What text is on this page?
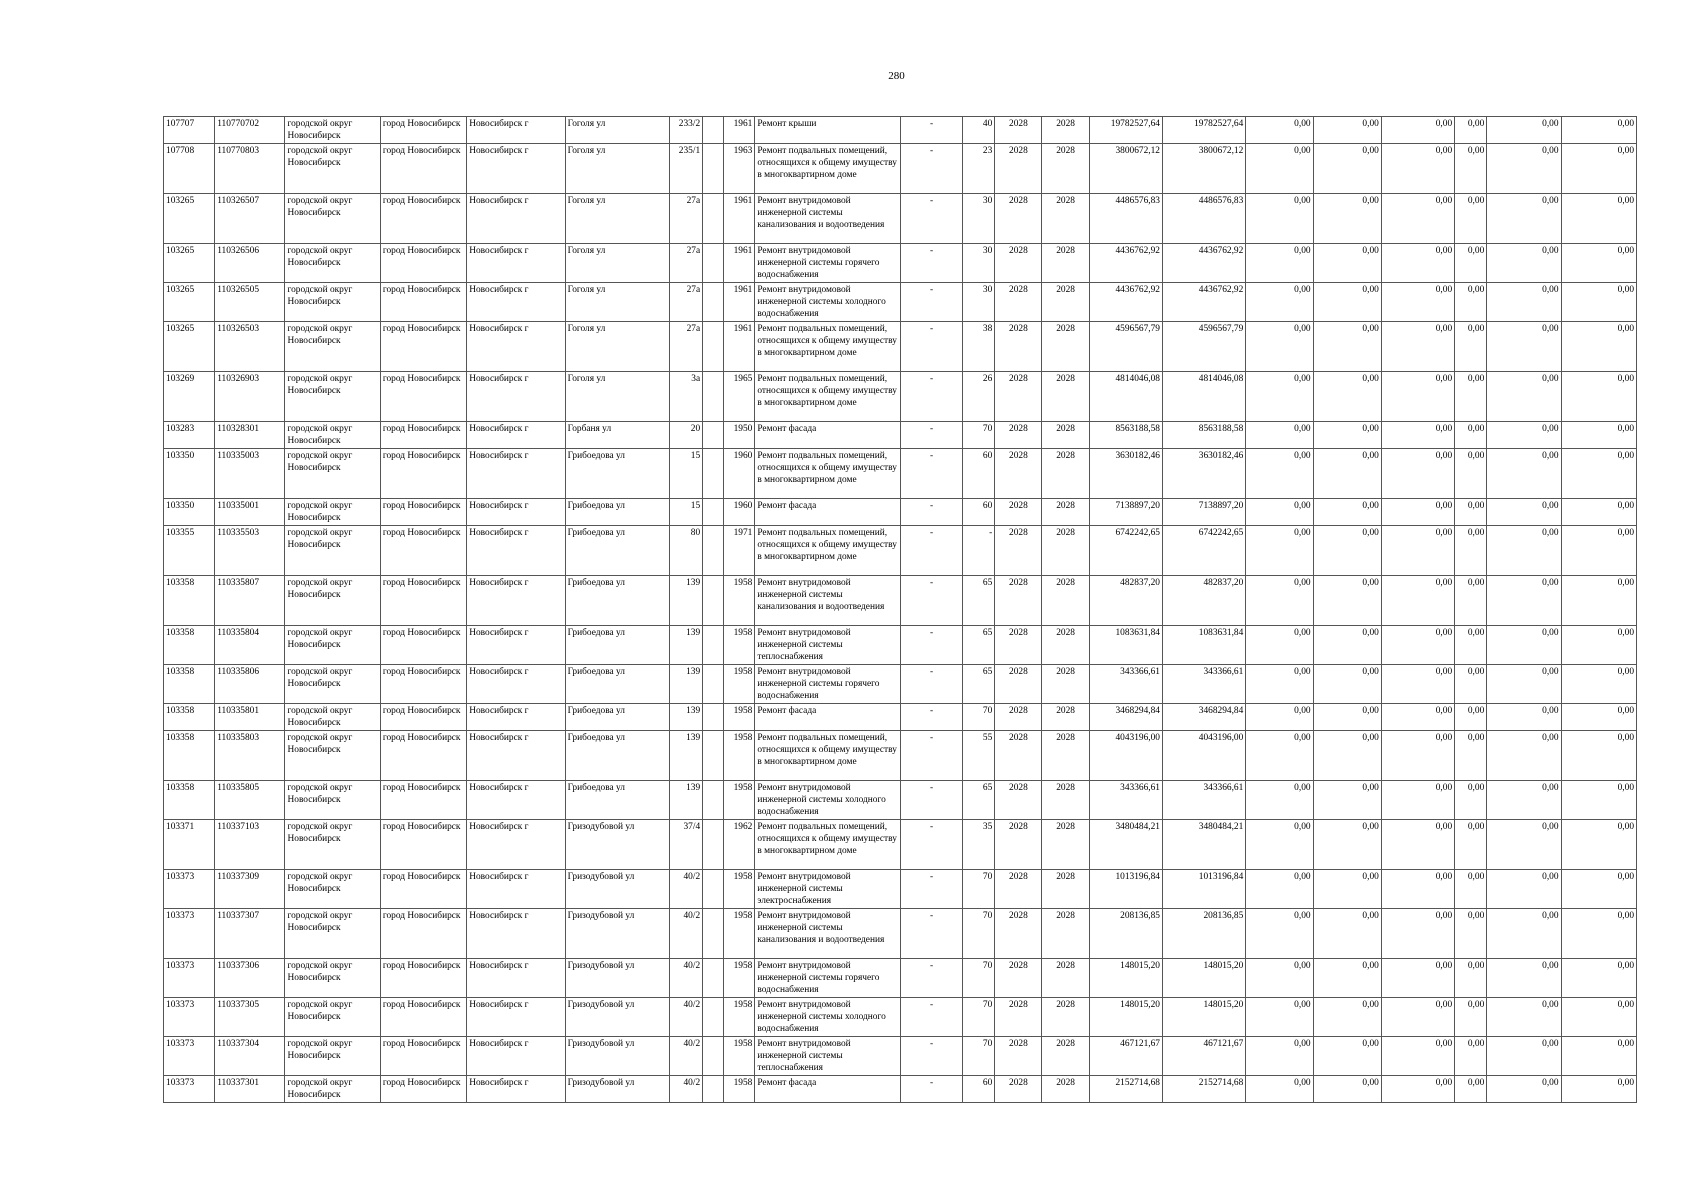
280
107707	110770702	городской округ Новосибирск	город Новосибирск	Новосибирск г	Гоголя ул	233/2		1961	Ремонт крыши	-	40	2028	2028	19782527,64	19782527,64	0,00	0,00	0,00	0,00	0,00	0,00
107708	110770803	городской округ Новосибирск	город Новосибирск	Новосибирск г	Гоголя ул	235/1		1963	Ремонт подвальных помещений, относящихся к общему имуществу в многоквартирном доме	-	23	2028	2028	3800672,12	3800672,12	0,00	0,00	0,00	0,00	0,00	0,00
103265	110326507	городской округ Новосибирск	город Новосибирск	Новосибирск г	Гоголя ул	27а		1961	Ремонт внутридомовой инженерной системы канализования и водоотведения	-	30	2028	2028	4486576,83	4486576,83	0,00	0,00	0,00	0,00	0,00	0,00
103265	110326506	городской округ Новосибирск	город Новосибирск	Новосибирск г	Гоголя ул	27а		1961	Ремонт внутридомовой инженерной системы горячего водоснабжения	-	30	2028	2028	4436762,92	4436762,92	0,00	0,00	0,00	0,00	0,00	0,00
103265	110326505	городской округ Новосибирск	город Новосибирск	Новосибирск г	Гоголя ул	27а		1961	Ремонт внутридомовой инженерной системы холодного водоснабжения	-	30	2028	2028	4436762,92	4436762,92	0,00	0,00	0,00	0,00	0,00	0,00
103265	110326503	городской округ Новосибирск	город Новосибирск	Новосибирск г	Гоголя ул	27а		1961	Ремонт подвальных помещений, относящихся к общему имуществу в многоквартирном доме	-	38	2028	2028	4596567,79	4596567,79	0,00	0,00	0,00	0,00	0,00	0,00
103269	110326903	городской округ Новосибирск	город Новосибирск	Новосибирск г	Гоголя ул	3а		1965	Ремонт подвальных помещений, относящихся к общему имуществу в многоквартирном доме	-	26	2028	2028	4814046,08	4814046,08	0,00	0,00	0,00	0,00	0,00	0,00
103283	110328301	городской округ Новосибирск	город Новосибирск	Новосибирск г	Горбаня ул	20		1950	Ремонт фасада	-	70	2028	2028	8563188,58	8563188,58	0,00	0,00	0,00	0,00	0,00	0,00
103350	110335003	городской округ Новосибирск	город Новосибирск	Новосибирск г	Грибоедова ул	15		1960	Ремонт подвальных помещений, относящихся к общему имуществу в многоквартирном доме	-	60	2028	2028	3630182,46	3630182,46	0,00	0,00	0,00	0,00	0,00	0,00
103350	110335001	городской округ Новосибирск	город Новосибирск	Новосибирск г	Грибоедова ул	15		1960	Ремонт фасада	-	60	2028	2028	7138897,20	7138897,20	0,00	0,00	0,00	0,00	0,00	0,00
103355	110335503	городской округ Новосибирск	город Новосибирск	Новосибирск г	Грибоедова ул	80		1971	Ремонт подвальных помещений, относящихся к общему имуществу в многоквартирном доме	-	-	2028	2028	6742242,65	6742242,65	0,00	0,00	0,00	0,00	0,00	0,00
103358	110335807	городской округ Новосибирск	город Новосибирск	Новосибирск г	Грибоедова ул	139		1958	Ремонт внутридомовой инженерной системы канализования и водоотведения	-	65	2028	2028	482837,20	482837,20	0,00	0,00	0,00	0,00	0,00	0,00
103358	110335804	городской округ Новосибирск	город Новосибирск	Новосибирск г	Грибоедова ул	139		1958	Ремонт внутридомовой инженерной системы теплоснабжения	-	65	2028	2028	1083631,84	1083631,84	0,00	0,00	0,00	0,00	0,00	0,00
103358	110335806	городской округ Новосибирск	город Новосибирск	Новосибирск г	Грибоедова ул	139		1958	Ремонт внутридомовой инженерной системы горячего водоснабжения	-	65	2028	2028	343366,61	343366,61	0,00	0,00	0,00	0,00	0,00	0,00
103358	110335801	городской округ Новосибирск	город Новосибирск	Новосибирск г	Грибоедова ул	139		1958	Ремонт фасада	-	70	2028	2028	3468294,84	3468294,84	0,00	0,00	0,00	0,00	0,00	0,00
103358	110335803	городской округ Новосибирск	город Новосибирск	Новосибирск г	Грибоедова ул	139		1958	Ремонт подвальных помещений, относящихся к общему имуществу в многоквартирном доме	-	55	2028	2028	4043196,00	4043196,00	0,00	0,00	0,00	0,00	0,00	0,00
103358	110335805	городской округ Новосибирск	город Новосибирск	Новосибирск г	Грибоедова ул	139		1958	Ремонт внутридомовой инженерной системы холодного водоснабжения	-	65	2028	2028	343366,61	343366,61	0,00	0,00	0,00	0,00	0,00	0,00
103371	110337103	городской округ Новосибирск	город Новосибирск	Новосибирск г	Гризодубовой ул	37/4		1962	Ремонт подвальных помещений, относящихся к общему имуществу в многоквартирном доме	-	35	2028	2028	3480484,21	3480484,21	0,00	0,00	0,00	0,00	0,00	0,00
103373	110337309	городской округ Новосибирск	город Новосибирск	Новосибирск г	Гризодубовой ул	40/2		1958	Ремонт внутридомовой инженерной системы электроснабжения	-	70	2028	2028	1013196,84	1013196,84	0,00	0,00	0,00	0,00	0,00	0,00
103373	110337307	городской округ Новосибирск	город Новосибирск	Новосибирск г	Гризодубовой ул	40/2		1958	Ремонт внутридомовой инженерной системы канализования и водоотведения	-	70	2028	2028	208136,85	208136,85	0,00	0,00	0,00	0,00	0,00	0,00
103373	110337306	городской округ Новосибирск	город Новосибирск	Новосибирск г	Гризодубовой ул	40/2		1958	Ремонт внутридомовой инженерной системы горячего водоснабжения	-	70	2028	2028	148015,20	148015,20	0,00	0,00	0,00	0,00	0,00	0,00
103373	110337305	городской округ Новосибирск	город Новосибирск	Новосибирск г	Гризодубовой ул	40/2		1958	Ремонт внутридомовой инженерной системы холодного водоснабжения	-	70	2028	2028	148015,20	148015,20	0,00	0,00	0,00	0,00	0,00	0,00
103373	110337304	городской округ Новосибирск	город Новосибирск	Новосибирск г	Гризодубовой ул	40/2		1958	Ремонт внутридомовой инженерной системы теплоснабжения	-	70	2028	2028	467121,67	467121,67	0,00	0,00	0,00	0,00	0,00	0,00
103373	110337301	городской округ Новосибирск	город Новосибирск	Новосибирск г	Гризодубовой ул	40/2		1958	Ремонт фасада	-	60	2028	2028	2152714,68	2152714,68	0,00	0,00	0,00	0,00	0,00	0,00
